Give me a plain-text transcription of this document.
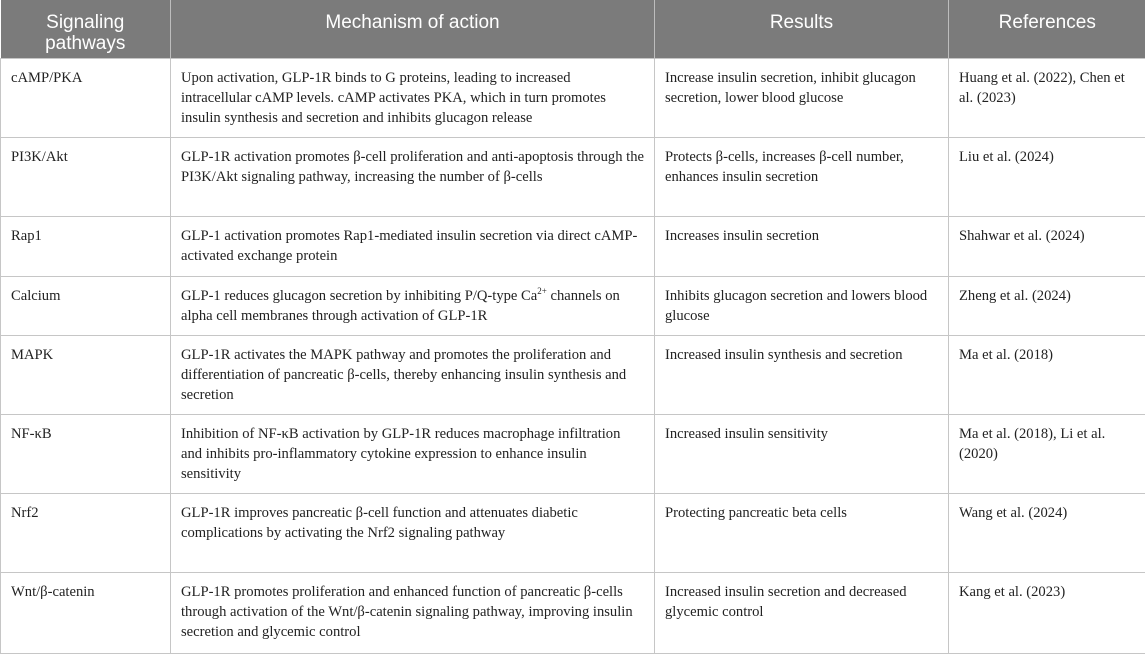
Signaling pathways	Mechanism of action	Results	References
cAMP/PKA	Upon activation, GLP-1R binds to G proteins, leading to increased intracellular cAMP levels. cAMP activates PKA, which in turn promotes insulin synthesis and secretion and inhibits glucagon release	Increase insulin secretion, inhibit glucagon secretion, lower blood glucose	Huang et al. (2022), Chen et al. (2023)
PI3K/Akt	GLP-1R activation promotes β-cell proliferation and anti-apoptosis through the PI3K/Akt signaling pathway, increasing the number of β-cells	Protects β-cells, increases β-cell number, enhances insulin secretion	Liu et al. (2024)
Rap1	GLP-1 activation promotes Rap1-mediated insulin secretion via direct cAMP-activated exchange protein	Increases insulin secretion	Shahwar et al. (2024)
Calcium	GLP-1 reduces glucagon secretion by inhibiting P/Q-type $Ca^{2+}$ channels on alpha cell membranes through activation of GLP-1R	Inhibits glucagon secretion and lowers blood glucose	Zheng et al. (2024)
MAPK	GLP-1R activates the MAPK pathway and promotes the proliferation and differentiation of pancreatic β-cells, thereby enhancing insulin synthesis and secretion	Increased insulin synthesis and secretion	Ma et al. (2018)
NF-κB	Inhibition of NF-κB activation by GLP-1R reduces macrophage infiltration and inhibits pro-inflammatory cytokine expression to enhance insulin sensitivity	Increased insulin sensitivity	Ma et al. (2018), Li et al. (2020)
Nrf2	GLP-1R improves pancreatic β-cell function and attenuates diabetic complications by activating the Nrf2 signaling pathway	Protecting pancreatic beta cells	Wang et al. (2024)
Wnt/β-catenin	GLP-1R promotes proliferation and enhanced function of pancreatic β-cells through activation of the Wnt/β-catenin signaling pathway, improving insulin secretion and glycemic control	Increased insulin secretion and decreased glycemic control	Kang et al. (2023)
